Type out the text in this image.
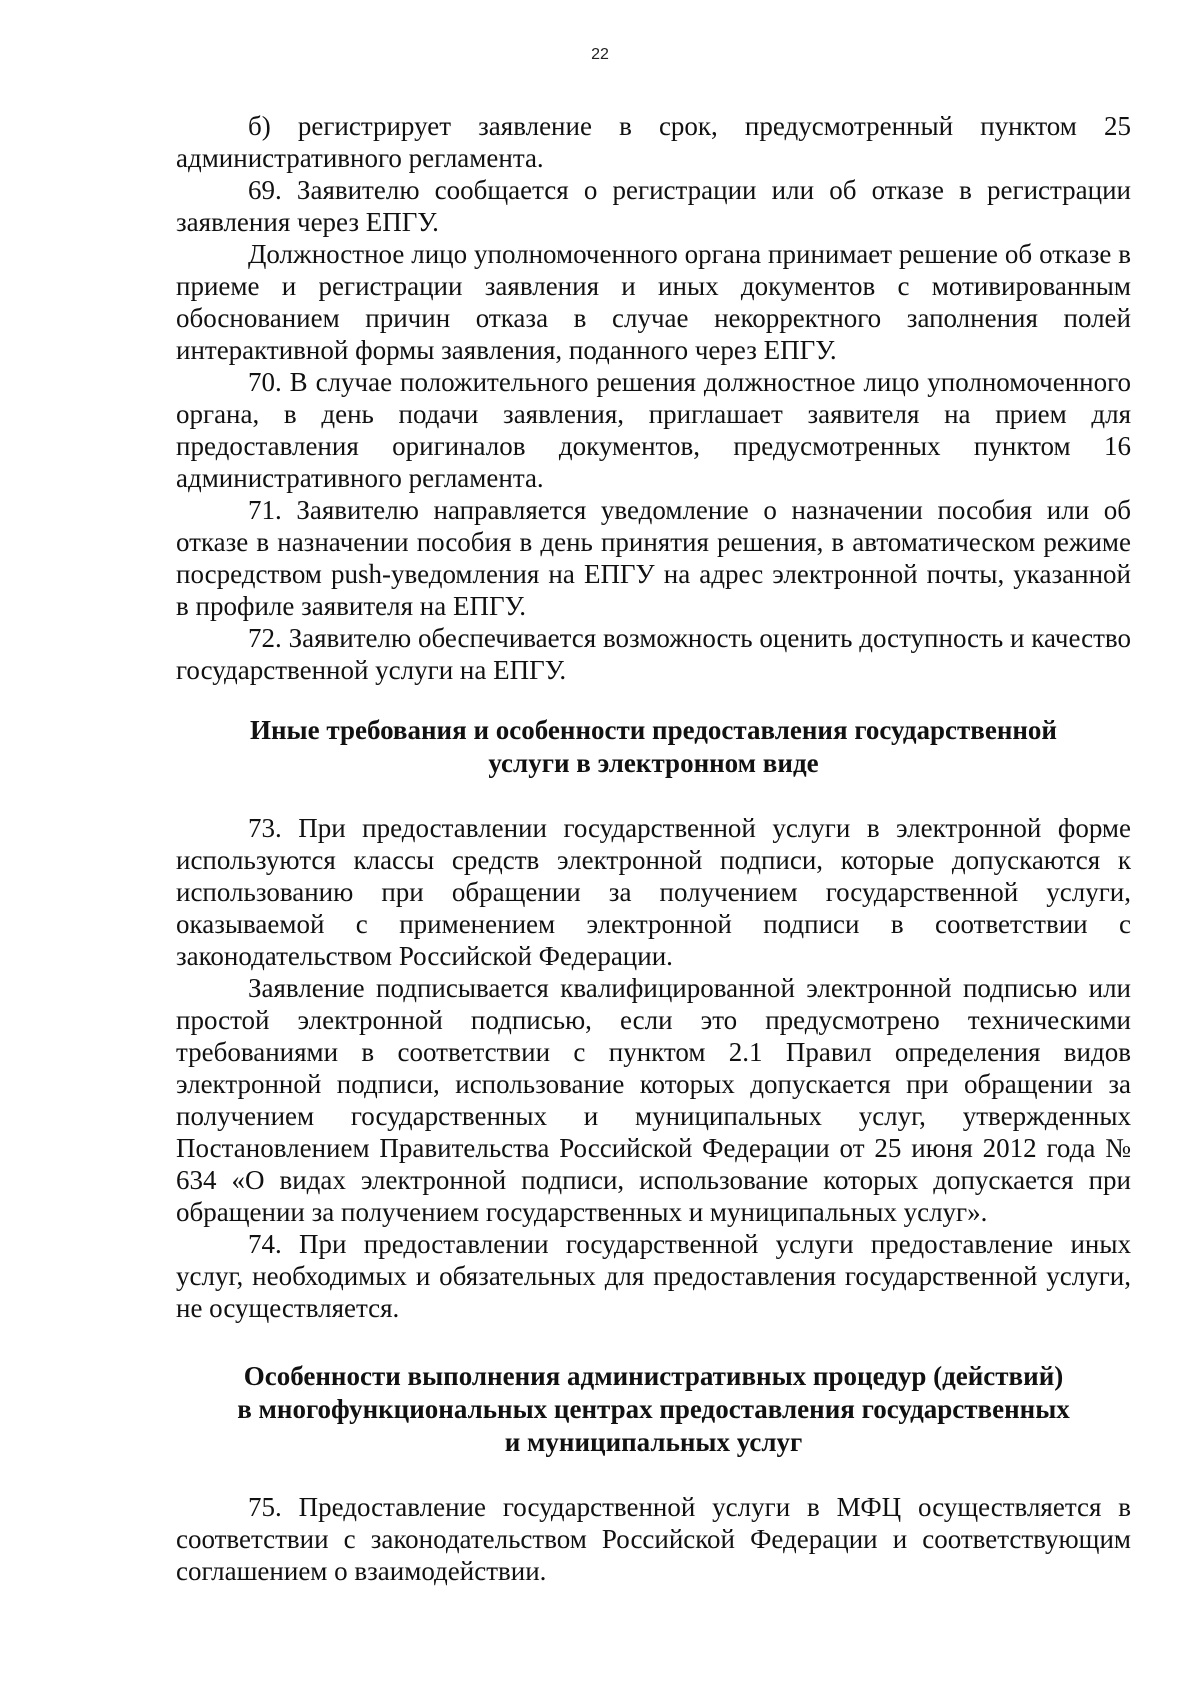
22

б) регистрирует заявление в срок, предусмотренный пунктом 25 административного регламента.

69. Заявителю сообщается о регистрации или об отказе в регистрации заявления через ЕПГУ.

Должностное лицо уполномоченного органа принимает решение об отказе в приеме и регистрации заявления и иных документов с мотивированным обоснованием причин отказа в случае некорректного заполнения полей интерактивной формы заявления, поданного через ЕПГУ.

70. В случае положительного решения должностное лицо уполномоченного органа, в день подачи заявления, приглашает заявителя на прием для предоставления оригиналов документов, предусмотренных пунктом 16 административного регламента.

71. Заявителю направляется уведомление о назначении пособия или об отказе в назначении пособия в день принятия решения, в автоматическом режиме посредством push-уведомления на ЕПГУ на адрес электронной почты, указанной в профиле заявителя на ЕПГУ.

72. Заявителю обеспечивается возможность оценить доступность и качество государственной услуги на ЕПГУ.

Иные требования и особенности предоставления государственной
услуги в электронном виде

73. При предоставлении государственной услуги в электронной форме используются классы средств электронной подписи, которые допускаются к использованию при обращении за получением государственной услуги, оказываемой с применением электронной подписи в соответствии с законодательством Российской Федерации.

Заявление подписывается квалифицированной электронной подписью или простой электронной подписью, если это предусмотрено техническими требованиями в соответствии с пунктом 2.1 Правил определения видов электронной подписи, использование которых допускается при обращении за получением государственных и муниципальных услуг, утвержденных Постановлением Правительства Российской Федерации от 25 июня 2012 года № 634 «О видах электронной подписи, использование которых допускается при обращении за получением государственных и муниципальных услуг».

74. При предоставлении государственной услуги предоставление иных услуг, необходимых и обязательных для предоставления государственной услуги, не осуществляется.

Особенности выполнения административных процедур (действий)
в многофункциональных центрах предоставления государственных
и муниципальных услуг

75. Предоставление государственной услуги в МФЦ осуществляется в соответствии с законодательством Российской Федерации и соответствующим соглашением о взаимодействии.
